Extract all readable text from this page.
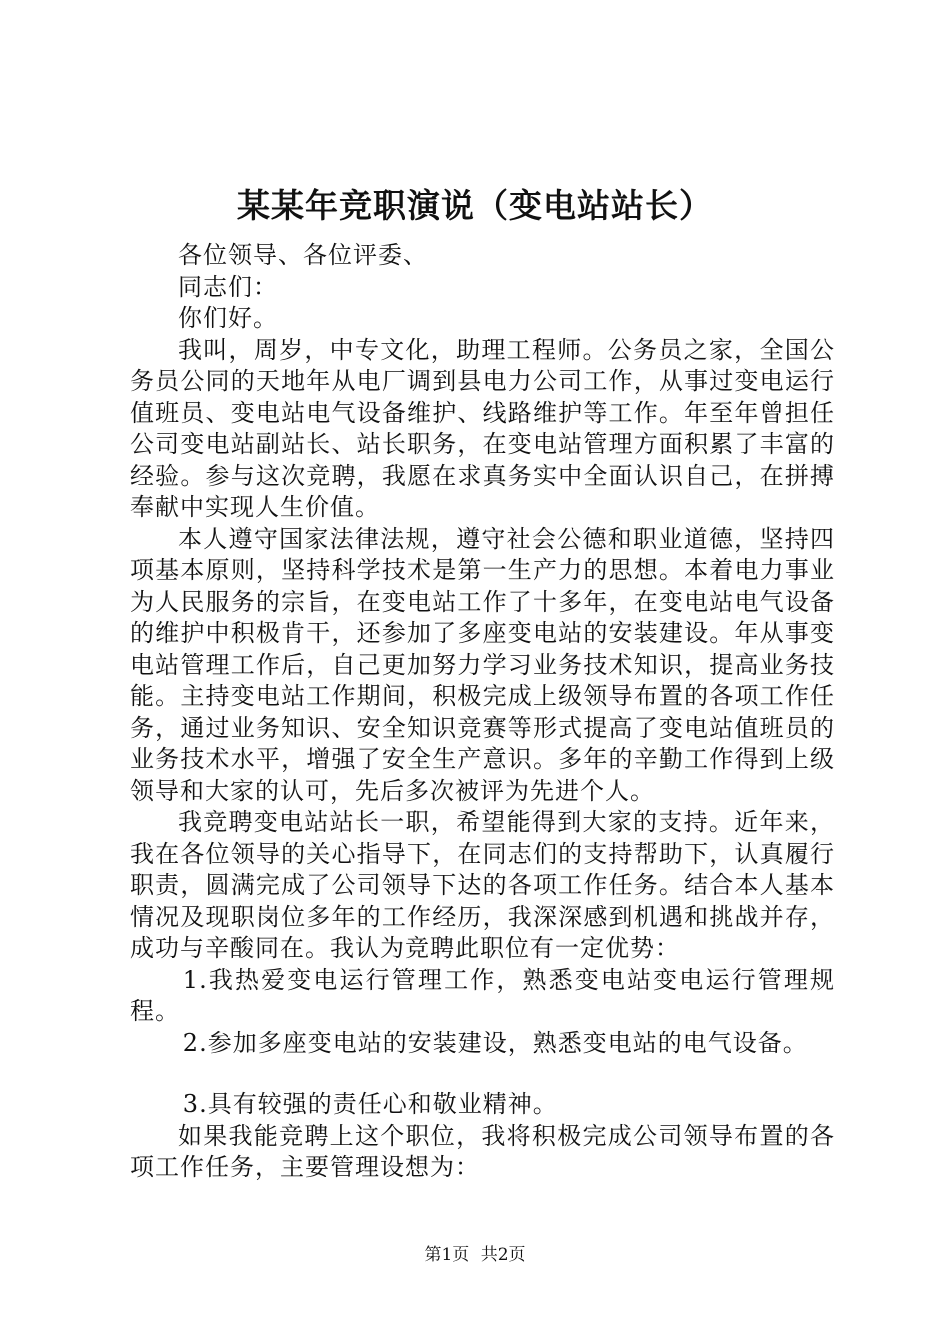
某某年竞职演说（变电站站长）

各位领导、各位评委、

同志们：

你们好。

我叫，周岁，中专文化，助理工程师。公务员之家，全国公务员公同的天地年从电厂调到县电力公司工作，从事过变电运行值班员、变电站电气设备维护、线路维护等工作。年至年曾担任公司变电站副站长、站长职务，在变电站管理方面积累了丰富的经验。参与这次竞聘，我愿在求真务实中全面认识自己，在拼搏奉献中实现人生价值。

本人遵守国家法律法规，遵守社会公德和职业道德，坚持四项基本原则，坚持科学技术是第一生产力的思想。本着电力事业为人民服务的宗旨，在变电站工作了十多年，在变电站电气设备的维护中积极肯干，还参加了多座变电站的安装建设。年从事变电站管理工作后，自己更加努力学习业务技术知识，提高业务技能。主持变电站工作期间，积极完成上级领导布置的各项工作任务，通过业务知识、安全知识竞赛等形式提高了变电站值班员的业务技术水平，增强了安全生产意识。多年的辛勤工作得到上级领导和大家的认可，先后多次被评为先进个人。

我竞聘变电站站长一职，希望能得到大家的支持。近年来，我在各位领导的关心指导下，在同志们的支持帮助下，认真履行职责，圆满完成了公司领导下达的各项工作任务。结合本人基本情况及现职岗位多年的工作经历，我深深感到机遇和挑战并存，成功与辛酸同在。我认为竞聘此职位有一定优势：

1.我热爱变电运行管理工作，熟悉变电站变电运行管理规程。

2.参加多座变电站的安装建设，熟悉变电站的电气设备。

3.具有较强的责任心和敬业精神。

如果我能竞聘上这个职位，我将积极完成公司领导布置的各项工作任务，主要管理设想为：

第1页 共2页
